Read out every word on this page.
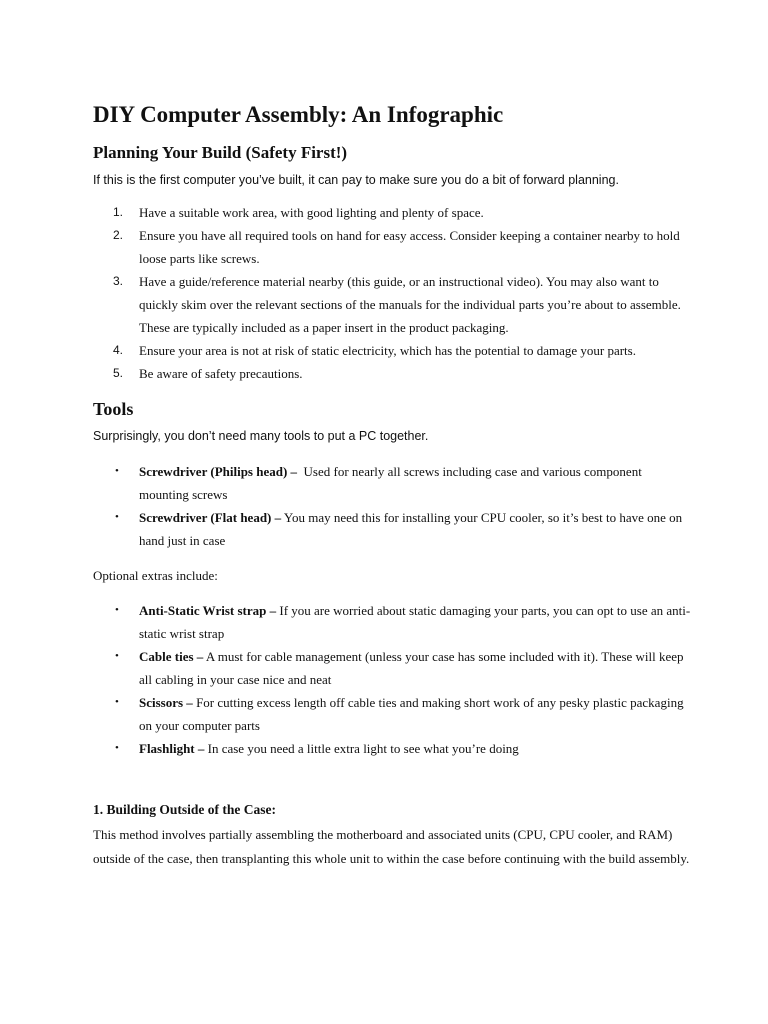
DIY Computer Assembly: An Infographic
Planning Your Build (Safety First!)

If this is the first computer you’ve built, it can pay to make sure you do a bit of forward planning.

1. Have a suitable work area, with good lighting and plenty of space.
2. Ensure you have all required tools on hand for easy access. Consider keeping a container nearby to hold loose parts like screws.
3. Have a guide/reference material nearby (this guide, or an instructional video). You may also want to quickly skim over the relevant sections of the manuals for the individual parts you’re about to assemble. These are typically included as a paper insert in the product packaging.
4. Ensure your area is not at risk of static electricity, which has the potential to damage your parts.
5. Be aware of safety precautions.
Tools

Surprisingly, you don’t need many tools to put a PC together.

• Screwdriver (Philips head) –  Used for nearly all screws including case and various component mounting screws
• Screwdriver (Flat head) – You may need this for installing your CPU cooler, so it’s best to have one on hand just in case

Optional extras include:

• Anti-Static Wrist strap – If you are worried about static damaging your parts, you can opt to use an anti-static wrist strap
• Cable ties – A must for cable management (unless your case has some included with it). These will keep all cabling in your case nice and neat
• Scissors – For cutting excess length off cable ties and making short work of any pesky plastic packaging on your computer parts
• Flashlight – In case you need a little extra light to see what you’re doing
1. Building Outside of the Case:

This method involves partially assembling the motherboard and associated units (CPU, CPU cooler, and RAM) outside of the case, then transplanting this whole unit to within the case before continuing with the build assembly.
